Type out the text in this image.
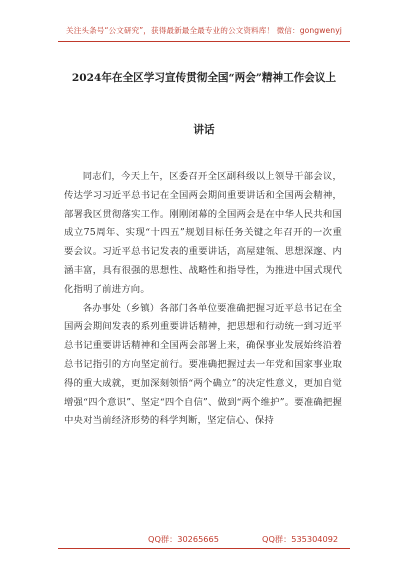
关注头条号“公文研究”，获得最新最全最专业的公文资料库！ 微信：gongwenyj
2024年在全区学习宣传贯彻全国“两会”精神工作会议上
讲话

同志们，今天上午，区委召开全区副科级以上领导干部会议，传达学习习近平总书记在全国两会期间重要讲话和全国两会精神，部署我区贯彻落实工作。刚刚闭幕的全国两会是在中华人民共和国成立75周年、实现“十四五”规划目标任务关键之年召开的一次重要会议。习近平总书记发表的重要讲话，高屋建瓴、思想深邃、内涵丰富，具有很强的思想性、战略性和指导性，为推进中国式现代化指明了前进方向。

各办事处（乡镇）各部门各单位要准确把握习近平总书记在全国两会期间发表的系列重要讲话精神，把思想和行动统一到习近平总书记重要讲话精神和全国两会部署上来，确保事业发展始终沿着总书记指引的方向坚定前行。要准确把握过去一年党和国家事业取得的重大成就，更加深刻领悟“两个确立”的决定性意义，更加自觉增强“四个意识”、坚定“四个自信”、做到“两个维护”。要准确把握中央对当前经济形势的科学判断，坚定信心、保持

QQ群：30265665	QQ群：535304092
